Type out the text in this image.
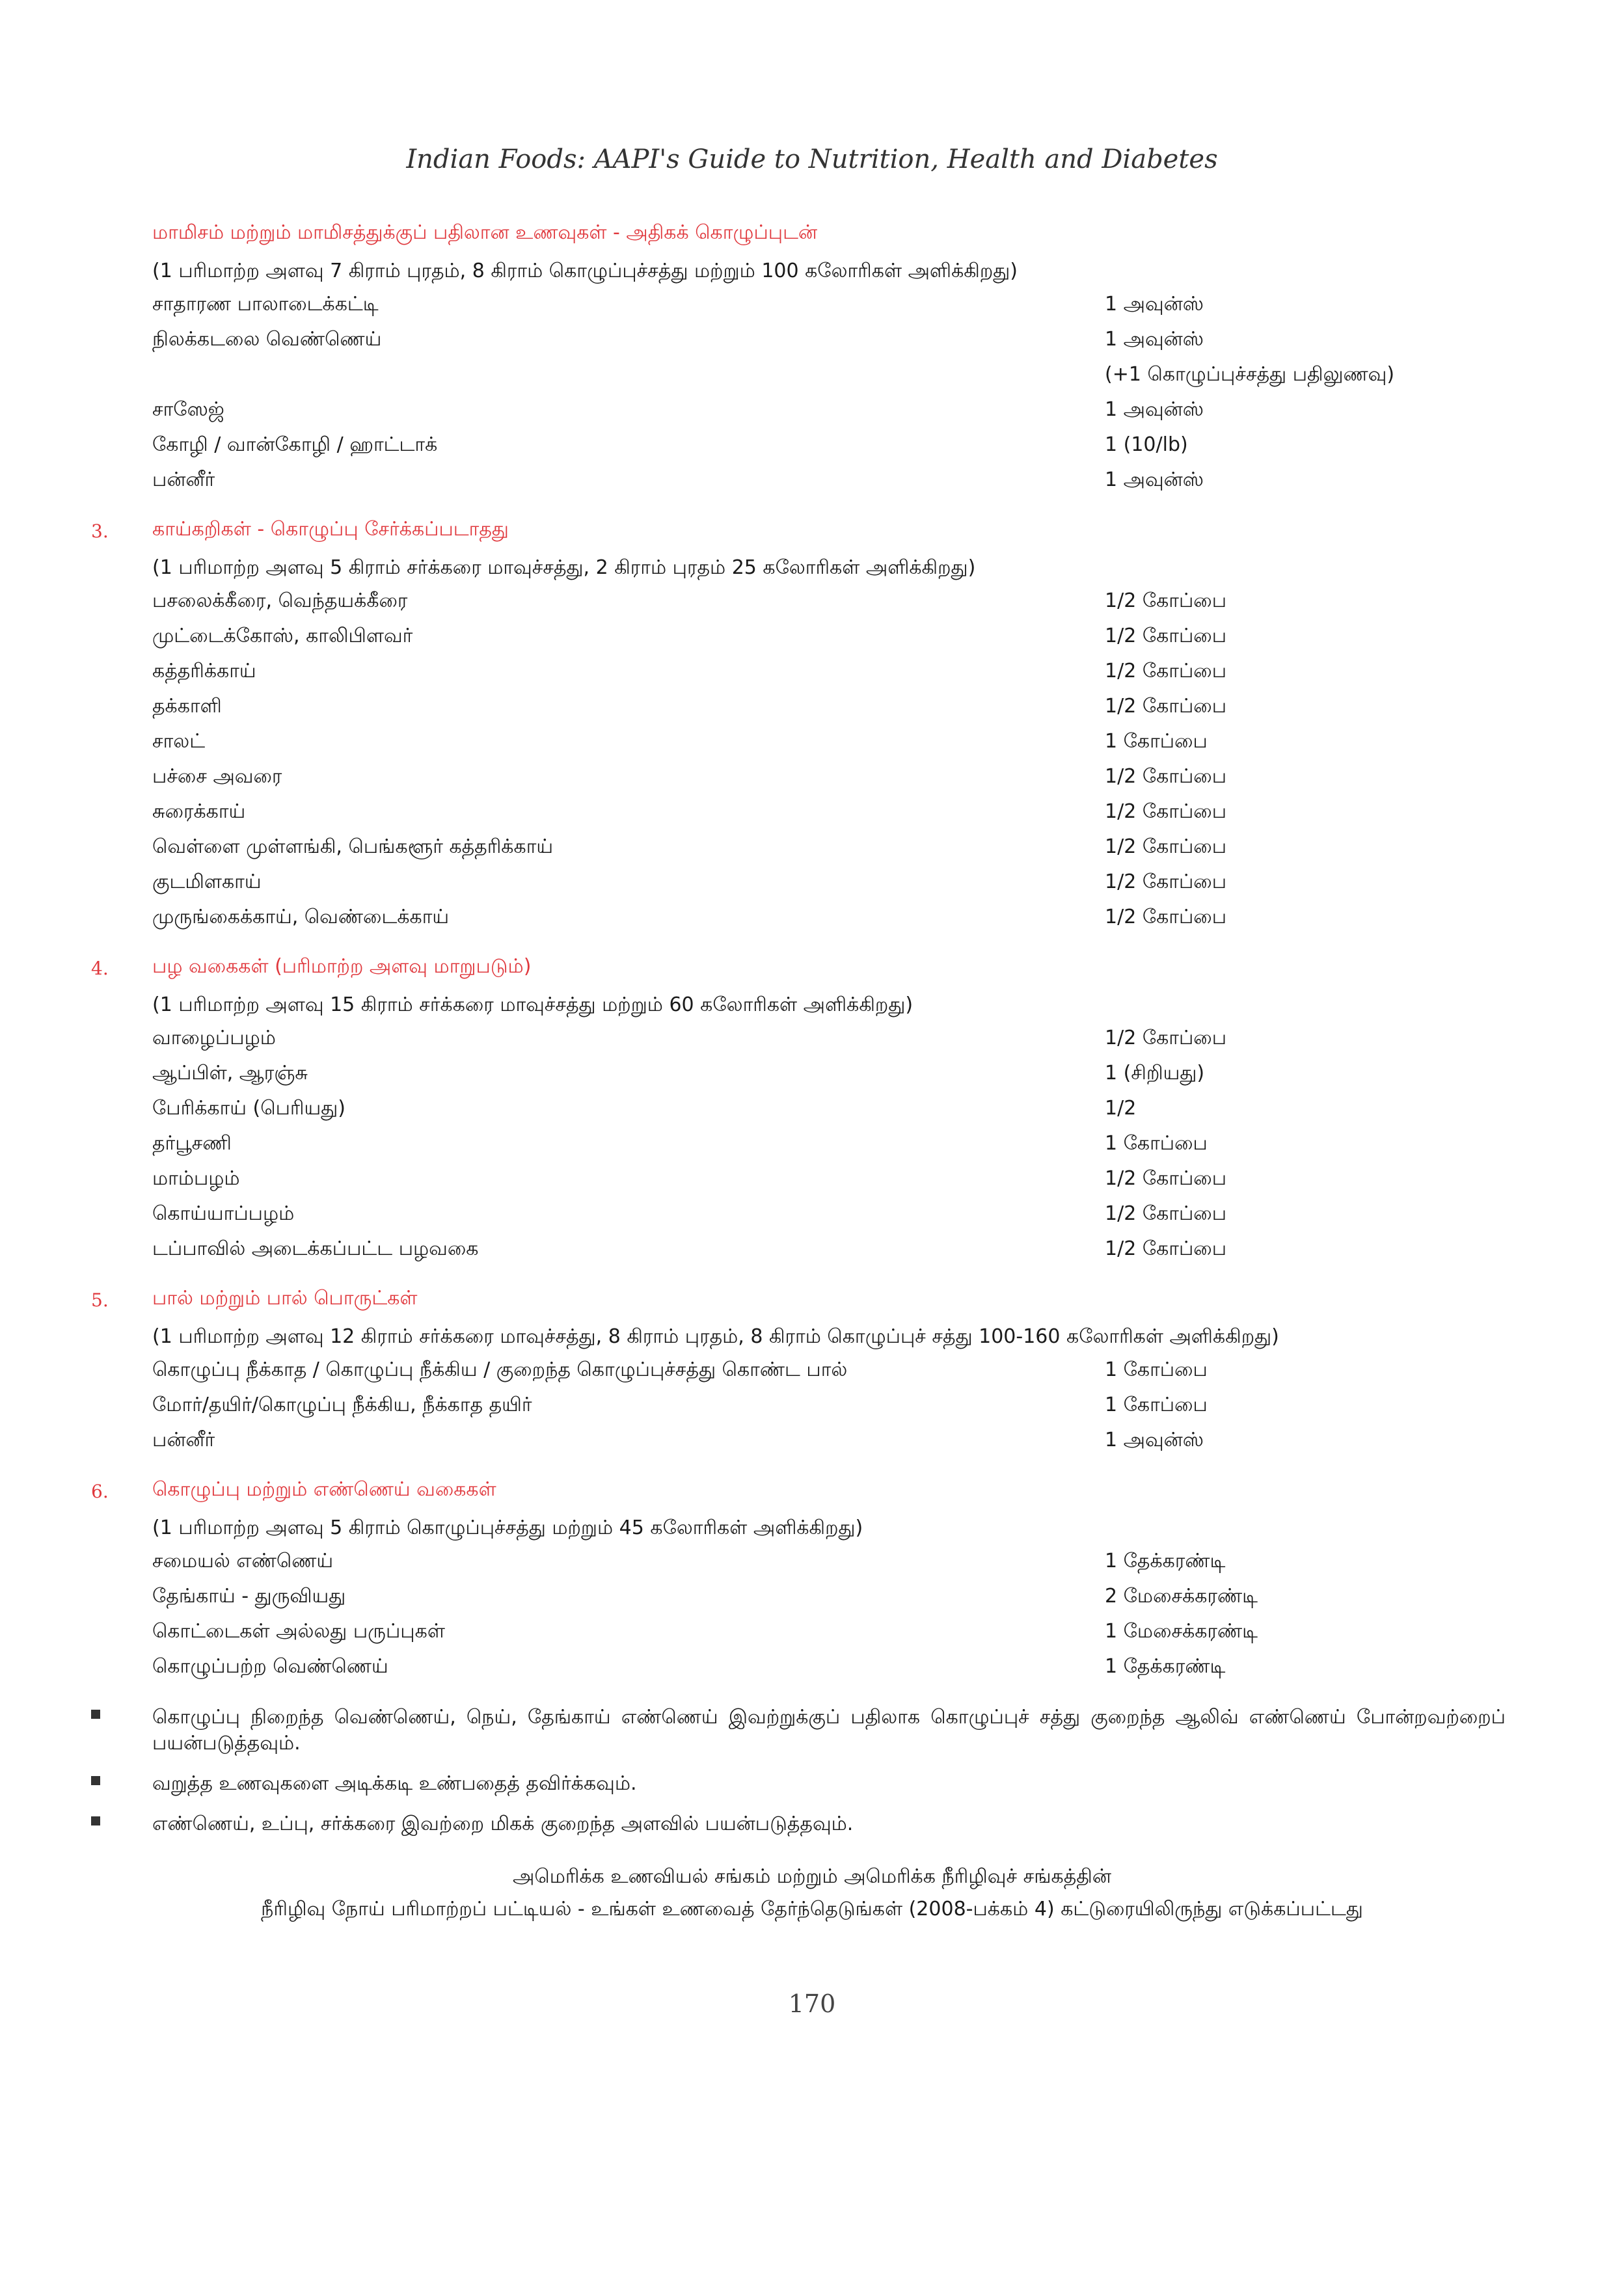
Indian Foods: AAPI's Guide to Nutrition, Health and Diabetes
மாமிசம் மற்றும் மாமிசத்துக்குப் பதிலான உணவுகள் - அதிகக் கொழுப்புடன்
(1 பரிமாற்ற அளவு 7 கிராம் புரதம், 8 கிராம் கொழுப்புச்சத்து மற்றும் 100 கலோரிகள் அளிக்கிறது)
சாதாரண பாலாடைக்கட்டி	1 அவுன்ஸ்
நிலக்கடலை வெண்ணெய்	1 அவுன்ஸ்
(+1 கொழுப்புச்சத்து பதிலுணவு)
சாஸேஜ்	1 அவுன்ஸ்
கோழி / வான்கோழி / ஹாட்டாக்	1 (10/lb)
பன்னீர்	1 அவுன்ஸ்
3.	காய்கறிகள் - கொழுப்பு சேர்க்கப்படாதது
(1 பரிமாற்ற அளவு 5 கிராம் சர்க்கரை மாவுச்சத்து, 2 கிராம் புரதம் 25 கலோரிகள் அளிக்கிறது)
பசலைக்கீரை, வெந்தயக்கீரை	1/2 கோப்பை
முட்டைக்கோஸ், காலிபிளவர்	1/2 கோப்பை
கத்தரிக்காய்	1/2 கோப்பை
தக்காளி	1/2 கோப்பை
சாலட்	1 கோப்பை
பச்சை அவரை	1/2 கோப்பை
சுரைக்காய்	1/2 கோப்பை
வெள்ளை முள்ளங்கி, பெங்களூர் கத்தரிக்காய்	1/2 கோப்பை
குடமிளகாய்	1/2 கோப்பை
முருங்கைக்காய், வெண்டைக்காய்	1/2 கோப்பை
4.	பழ வகைகள் (பரிமாற்ற அளவு மாறுபடும்)
(1 பரிமாற்ற அளவு 15 கிராம் சர்க்கரை மாவுச்சத்து மற்றும் 60 கலோரிகள் அளிக்கிறது)
வாழைப்பழம்	1/2 கோப்பை
ஆப்பிள், ஆரஞ்சு	1 (சிறியது)
பேரிக்காய் (பெரியது)	1/2
தர்பூசணி	1 கோப்பை
மாம்பழம்	1/2 கோப்பை
கொய்யாப்பழம்	1/2 கோப்பை
டப்பாவில் அடைக்கப்பட்ட பழவகை	1/2 கோப்பை
5.	பால் மற்றும் பால் பொருட்கள்
(1 பரிமாற்ற அளவு 12 கிராம் சர்க்கரை மாவுச்சத்து, 8 கிராம் புரதம், 8 கிராம் கொழுப்புச் சத்து 100-160 கலோரிகள் அளிக்கிறது)
கொழுப்பு நீக்காத / கொழுப்பு நீக்கிய / குறைந்த கொழுப்புச்சத்து கொண்ட பால்	1 கோப்பை
மோர்/தயிர்/கொழுப்பு நீக்கிய, நீக்காத தயிர்	1 கோப்பை
பன்னீர்	1 அவுன்ஸ்
6.	கொழுப்பு மற்றும் எண்ணெய் வகைகள்
(1 பரிமாற்ற அளவு 5 கிராம் கொழுப்புச்சத்து மற்றும் 45 கலோரிகள் அளிக்கிறது)
சமையல் எண்ணெய்	1 தேக்கரண்டி
தேங்காய் - துருவியது	2 மேசைக்கரண்டி
கொட்டைகள் அல்லது பருப்புகள்	1 மேசைக்கரண்டி
கொழுப்பற்ற வெண்ணெய்	1 தேக்கரண்டி
கொழுப்பு நிறைந்த வெண்ணெய், நெய், தேங்காய் எண்ணெய் இவற்றுக்குப் பதிலாக கொழுப்புச் சத்து குறைந்த ஆலிவ் எண்ணெய் போன்றவற்றைப் பயன்படுத்தவும்.
வறுத்த உணவுகளை அடிக்கடி உண்பதைத் தவிர்க்கவும்.
எண்ணெய், உப்பு, சர்க்கரை இவற்றை மிகக் குறைந்த அளவில் பயன்படுத்தவும்.
அமெரிக்க உணவியல் சங்கம் மற்றும் அமெரிக்க நீரிழிவுச் சங்கத்தின்
நீரிழிவு நோய் பரிமாற்றப் பட்டியல் - உங்கள் உணவைத் தேர்ந்தெடுங்கள் (2008-பக்கம் 4) கட்டுரையிலிருந்து எடுக்கப்பட்டது
170
